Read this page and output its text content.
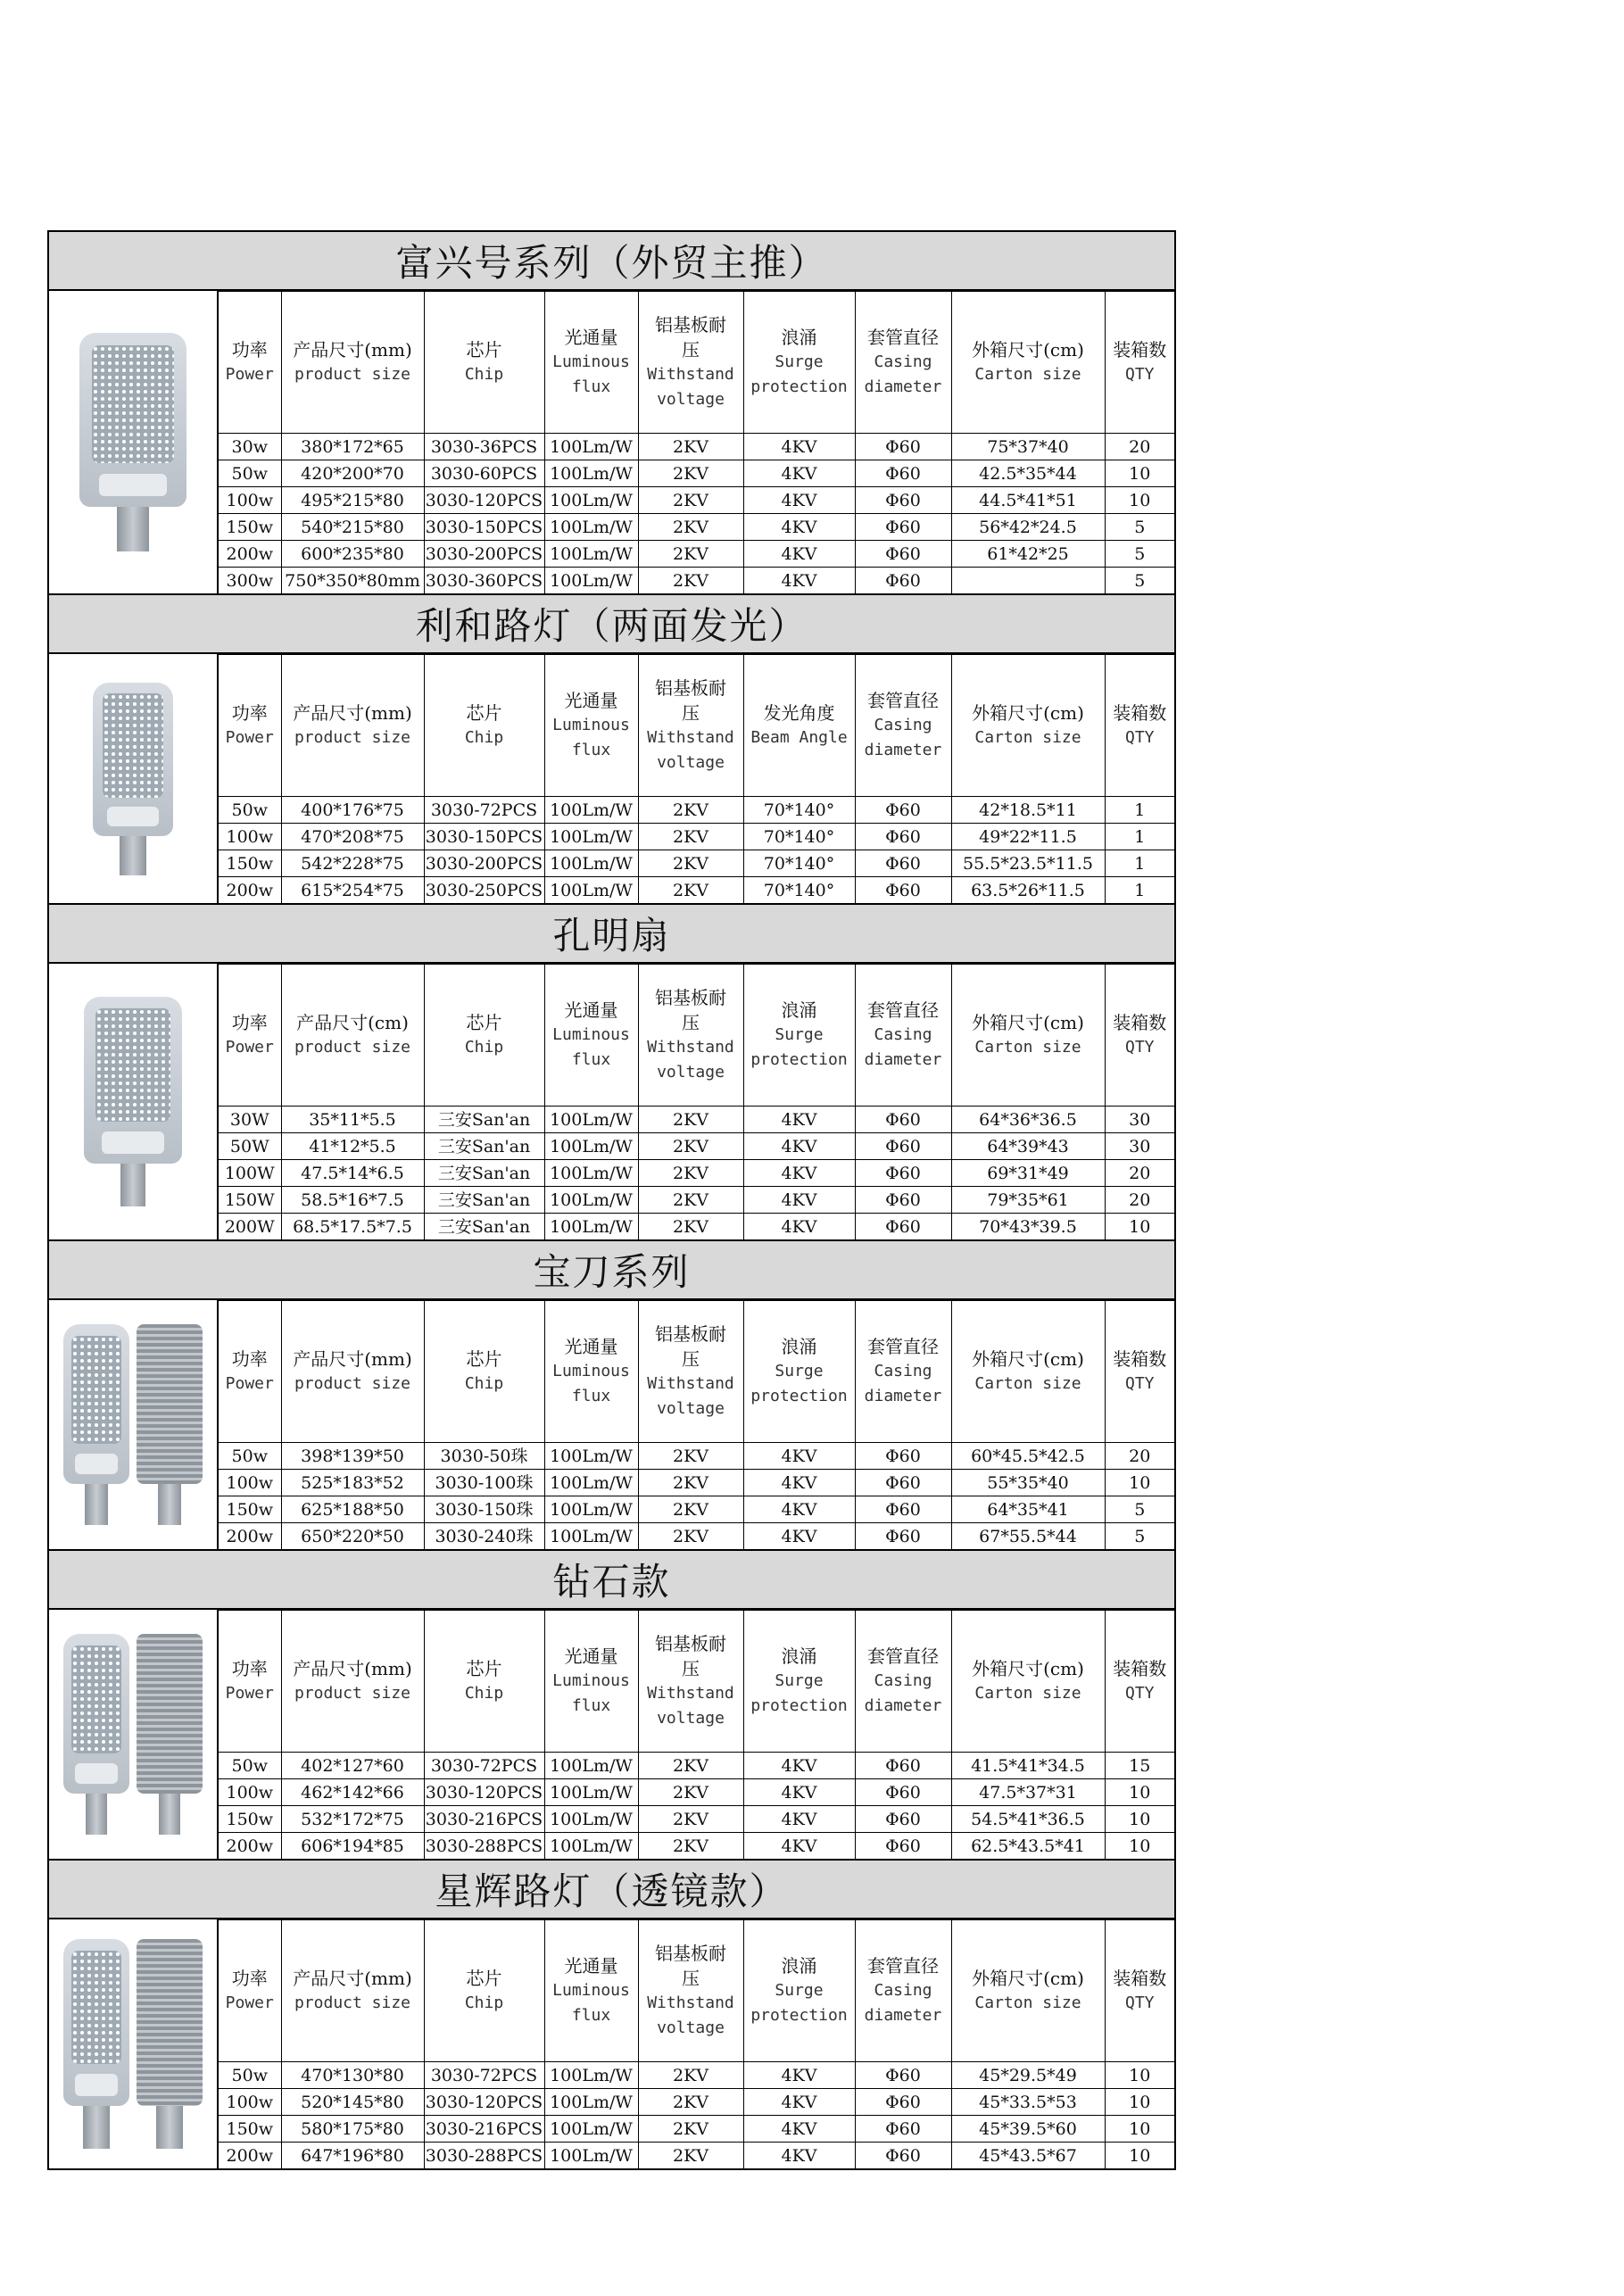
富兴号系列（外贸主推）
功率
Power	产品尺寸(mm)
product size	芯片
Chip	光通量
Luminous
flux	铝基板耐
压
Withstand
voltage	浪涌
Surge
protection	套管直径
Casing
diameter	外箱尺寸(cm)
Carton size	装箱数
QTY

30w	380*172*65	3030-36PCS	100Lm/W	2KV	4KV	Φ60	75*37*40	20
50w	420*200*70	3030-60PCS	100Lm/W	2KV	4KV	Φ60	42.5*35*44	10
100w	495*215*80	3030-120PCS	100Lm/W	2KV	4KV	Φ60	44.5*41*51	10
150w	540*215*80	3030-150PCS	100Lm/W	2KV	4KV	Φ60	56*42*24.5	5
200w	600*235*80	3030-200PCS	100Lm/W	2KV	4KV	Φ60	61*42*25	5
300w	750*350*80mm	3030-360PCS	100Lm/W	2KV	4KV	Φ60		5
利和路灯（两面发光）
功率
Power	产品尺寸(mm)
product size	芯片
Chip	光通量
Luminous
flux	铝基板耐
压
Withstand
voltage	发光角度
Beam Angle	套管直径
Casing
diameter	外箱尺寸(cm)
Carton size	装箱数
QTY

50w	400*176*75	3030-72PCS	100Lm/W	2KV	70*140°	Φ60	42*18.5*11	1
100w	470*208*75	3030-150PCS	100Lm/W	2KV	70*140°	Φ60	49*22*11.5	1
150w	542*228*75	3030-200PCS	100Lm/W	2KV	70*140°	Φ60	55.5*23.5*11.5	1
200w	615*254*75	3030-250PCS	100Lm/W	2KV	70*140°	Φ60	63.5*26*11.5	1
孔明扇
功率
Power	产品尺寸(cm)
product size	芯片
Chip	光通量
Luminous
flux	铝基板耐
压
Withstand
voltage	浪涌
Surge
protection	套管直径
Casing
diameter	外箱尺寸(cm)
Carton size	装箱数
QTY

30W	35*11*5.5	三安San'an	100Lm/W	2KV	4KV	Φ60	64*36*36.5	30
50W	41*12*5.5	三安San'an	100Lm/W	2KV	4KV	Φ60	64*39*43	30
100W	47.5*14*6.5	三安San'an	100Lm/W	2KV	4KV	Φ60	69*31*49	20
150W	58.5*16*7.5	三安San'an	100Lm/W	2KV	4KV	Φ60	79*35*61	20
200W	68.5*17.5*7.5	三安San'an	100Lm/W	2KV	4KV	Φ60	70*43*39.5	10
宝刀系列
功率
Power	产品尺寸(mm)
product size	芯片
Chip	光通量
Luminous
flux	铝基板耐
压
Withstand
voltage	浪涌
Surge
protection	套管直径
Casing
diameter	外箱尺寸(cm)
Carton size	装箱数
QTY

50w	398*139*50	3030-50珠	100Lm/W	2KV	4KV	Φ60	60*45.5*42.5	20
100w	525*183*52	3030-100珠	100Lm/W	2KV	4KV	Φ60	55*35*40	10
150w	625*188*50	3030-150珠	100Lm/W	2KV	4KV	Φ60	64*35*41	5
200w	650*220*50	3030-240珠	100Lm/W	2KV	4KV	Φ60	67*55.5*44	5
钻石款
功率
Power	产品尺寸(mm)
product size	芯片
Chip	光通量
Luminous
flux	铝基板耐
压
Withstand
voltage	浪涌
Surge
protection	套管直径
Casing
diameter	外箱尺寸(cm)
Carton size	装箱数
QTY

50w	402*127*60	3030-72PCS	100Lm/W	2KV	4KV	Φ60	41.5*41*34.5	15
100w	462*142*66	3030-120PCS	100Lm/W	2KV	4KV	Φ60	47.5*37*31	10
150w	532*172*75	3030-216PCS	100Lm/W	2KV	4KV	Φ60	54.5*41*36.5	10
200w	606*194*85	3030-288PCS	100Lm/W	2KV	4KV	Φ60	62.5*43.5*41	10
星辉路灯（透镜款）
功率
Power	产品尺寸(mm)
product size	芯片
Chip	光通量
Luminous
flux	铝基板耐
压
Withstand
voltage	浪涌
Surge
protection	套管直径
Casing
diameter	外箱尺寸(cm)
Carton size	装箱数
QTY

50w	470*130*80	3030-72PCS	100Lm/W	2KV	4KV	Φ60	45*29.5*49	10
100w	520*145*80	3030-120PCS	100Lm/W	2KV	4KV	Φ60	45*33.5*53	10
150w	580*175*80	3030-216PCS	100Lm/W	2KV	4KV	Φ60	45*39.5*60	10
200w	647*196*80	3030-288PCS	100Lm/W	2KV	4KV	Φ60	45*43.5*67	10
